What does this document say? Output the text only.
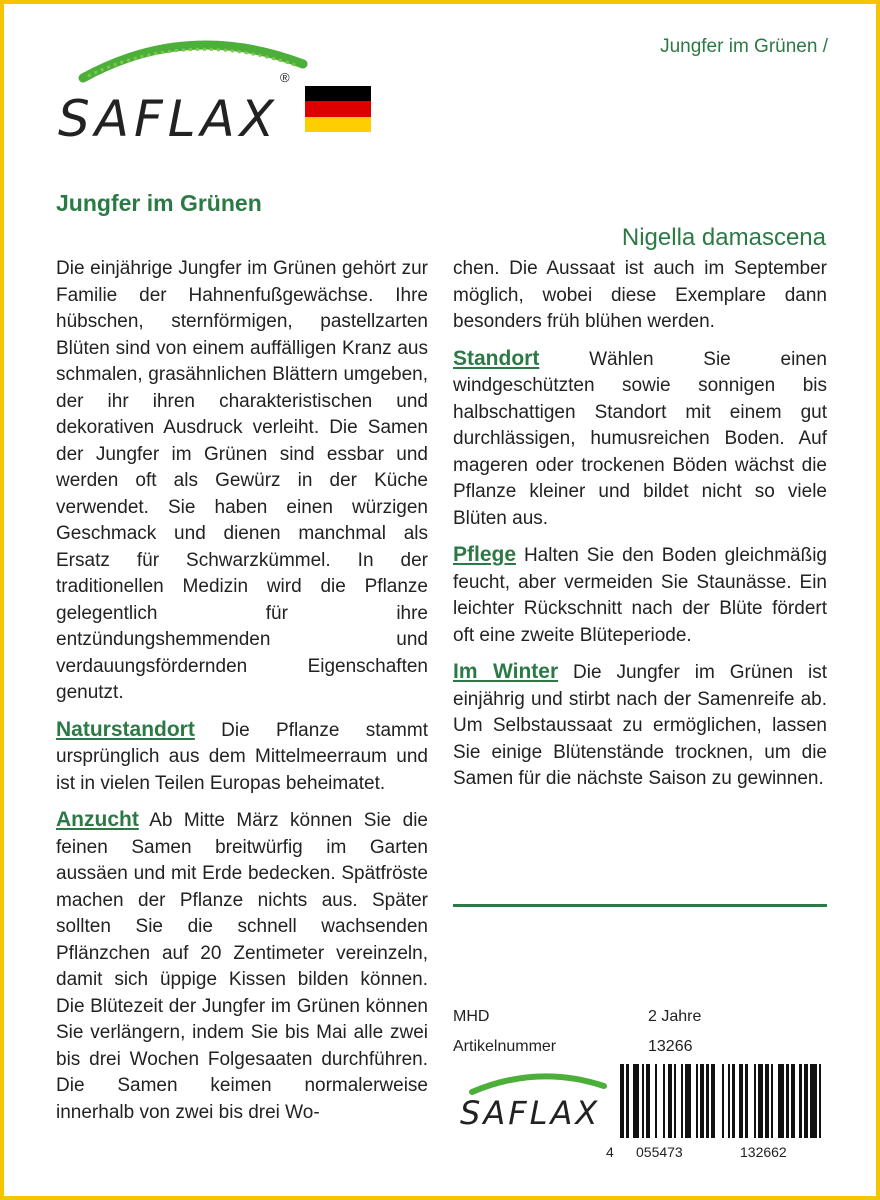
SAFLAX
®
Jungfer im Grünen /
Jungfer im Grünen
Nigella damascena

Die einjährige Jungfer im Grünen gehört zur Familie der Hahnenfußgewächse. Ihre hübschen, sternförmigen, pastellzarten Blüten sind von einem auffälligen Kranz aus schmalen, grasähnlichen Blättern umgeben, der ihr ihren charakteristischen und dekorativen Ausdruck verleiht. Die Samen der Jungfer im Grünen sind essbar und werden oft als Gewürz in der Küche verwendet. Sie haben einen würzigen Geschmack und dienen manchmal als Ersatz für Schwarzkümmel. In der traditionellen Medizin wird die Pflanze gelegentlich für ihre entzündungshemmenden und verdauungsfördernden Eigenschaften genutzt.

Naturstandort Die Pflanze stammt ursprünglich aus dem Mittelmeerraum und ist in vielen Teilen Europas beheimatet.

Anzucht Ab Mitte März können Sie die feinen Samen breitwürfig im Garten aussäen und mit Erde bedecken. Spätfröste machen der Pflanze nichts aus. Später sollten Sie die schnell wachsenden Pflänzchen auf 20 Zentimeter vereinzeln, damit sich üppige Kissen bilden können. Die Blütezeit der Jungfer im Grünen können Sie verlängern, indem Sie bis Mai alle zwei bis drei Wochen Folgesaaten durchführen. Die Samen keimen normalerweise innerhalb von zwei bis drei Wo-

chen. Die Aussaat ist auch im September möglich, wobei diese Exemplare dann besonders früh blühen werden.

Standort	Wählen Sie einen windgeschützten sowie sonnigen bis halbschattigen Standort mit einem gut durchlässigen, humusreichen Boden. Auf mageren oder trockenen Böden wächst die Pflanze kleiner und bildet nicht so viele Blüten aus.

Pflege Halten Sie den Boden gleichmäßig feucht, aber vermeiden Sie Staunässe. Ein leichter Rückschnitt nach der Blüte fördert oft eine zweite Blüteperiode.

Im Winter Die Jungfer im Grünen ist einjährig und stirbt nach der Samenreife ab. Um Selbstaussaat zu ermöglichen, lassen Sie einige Blütenstände trocknen, um die Samen für die nächste Saison zu gewinnen.

MHD	2 Jahre
Artikelnummer	13266
SAFLAX
4 055473	132662
